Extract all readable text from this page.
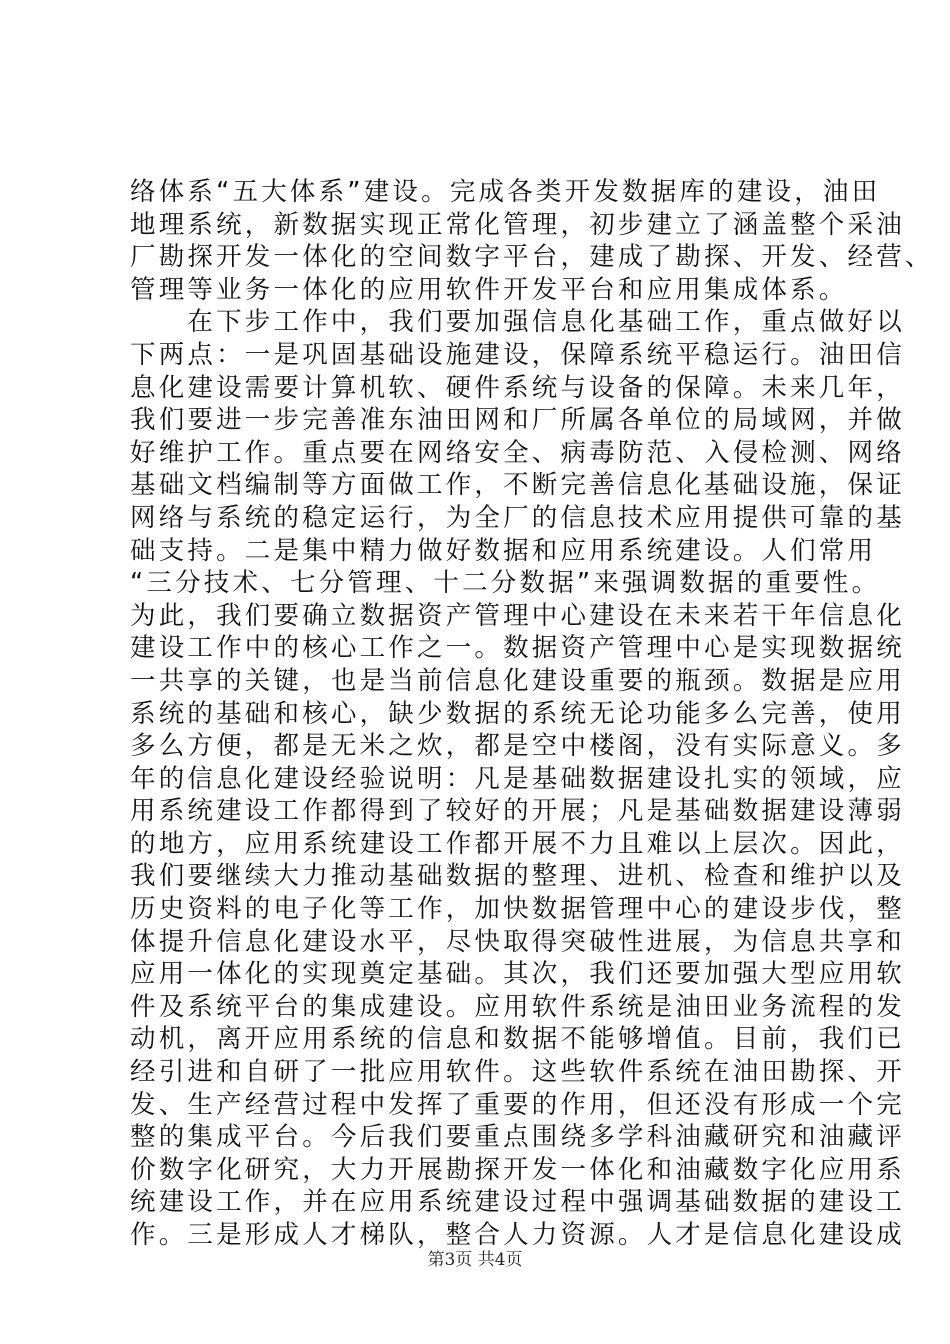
络体系“五大体系”建设。完成各类开发数据库的建设，油田
地理系统，新数据实现正常化管理，初步建立了涵盖整个采油
厂勘探开发一体化的空间数字平台，建成了勘探、开发、经营、
管理等业务一体化的应用软件开发平台和应用集成体系。
　　在下步工作中，我们要加强信息化基础工作，重点做好以
下两点：一是巩固基础设施建设，保障系统平稳运行。油田信
息化建设需要计算机软、硬件系统与设备的保障。未来几年，
我们要进一步完善准东油田网和厂所属各单位的局域网，并做
好维护工作。重点要在网络安全、病毒防范、入侵检测、网络
基础文档编制等方面做工作，不断完善信息化基础设施，保证
网络与系统的稳定运行，为全厂的信息技术应用提供可靠的基
础支持。二是集中精力做好数据和应用系统建设。人们常用
“三分技术、七分管理、十二分数据”来强调数据的重要性。
为此，我们要确立数据资产管理中心建设在未来若干年信息化
建设工作中的核心工作之一。数据资产管理中心是实现数据统
一共享的关键，也是当前信息化建设重要的瓶颈。数据是应用
系统的基础和核心，缺少数据的系统无论功能多么完善，使用
多么方便，都是无米之炊，都是空中楼阁，没有实际意义。多
年的信息化建设经验说明：凡是基础数据建设扎实的领域，应
用系统建设工作都得到了较好的开展；凡是基础数据建设薄弱
的地方，应用系统建设工作都开展不力且难以上层次。因此，
我们要继续大力推动基础数据的整理、进机、检查和维护以及
历史资料的电子化等工作，加快数据管理中心的建设步伐，整
体提升信息化建设水平，尽快取得突破性进展，为信息共享和
应用一体化的实现奠定基础。其次，我们还要加强大型应用软
件及系统平台的集成建设。应用软件系统是油田业务流程的发
动机，离开应用系统的信息和数据不能够增值。目前，我们已
经引进和自研了一批应用软件。这些软件系统在油田勘探、开
发、生产经营过程中发挥了重要的作用，但还没有形成一个完
整的集成平台。今后我们要重点围绕多学科油藏研究和油藏评
价数字化研究，大力开展勘探开发一体化和油藏数字化应用系
统建设工作，并在应用系统建设过程中强调基础数据的建设工
作。三是形成人才梯队，整合人力资源。人才是信息化建设成
第3页 共4页
